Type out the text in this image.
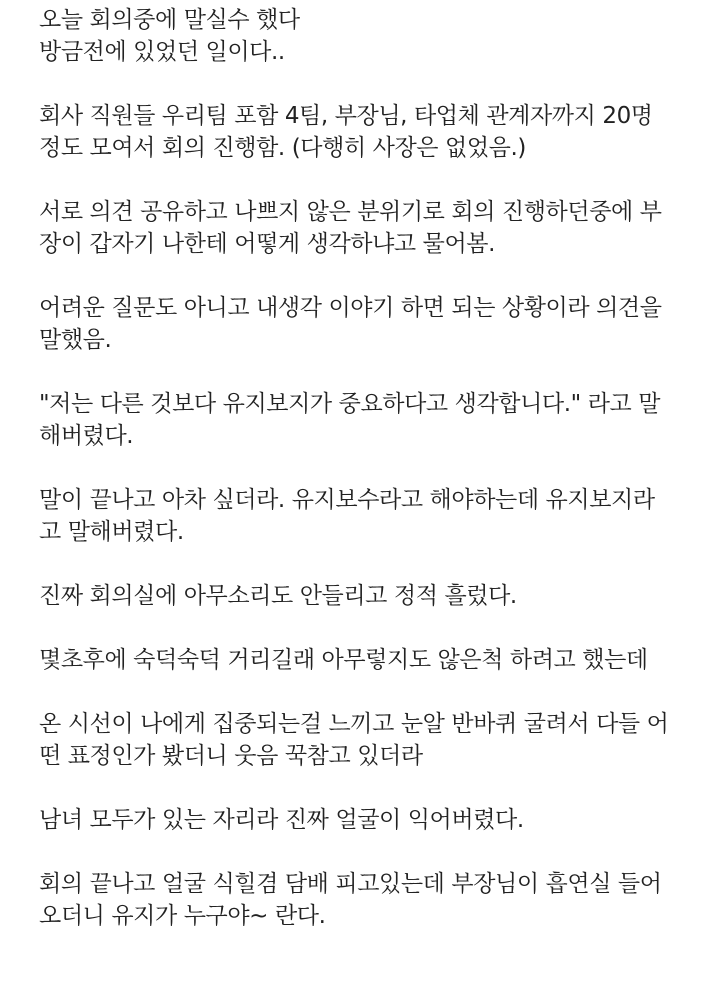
오늘 회의중에 말실수 했다
방금전에 있었던 일이다..
회사 직원들 우리팀 포함 4팀, 부장님, 타업체 관계자까지 20명
정도 모여서 회의 진행함. (다행히 사장은 없었음.)
서로 의견 공유하고 나쁘지 않은 분위기로 회의 진행하던중에 부
장이 갑자기 나한테 어떻게 생각하냐고 물어봄.
어려운 질문도 아니고 내생각 이야기 하면 되는 상황이라 의견을
말했음.
"저는 다른 것보다 유지보지가 중요하다고 생각합니다." 라고 말
해버렸다.
말이 끝나고 아차 싶더라. 유지보수라고 해야하는데 유지보지라
고 말해버렸다.
진짜 회의실에 아무소리도 안들리고 정적 흘렀다.
몇초후에 숙덕숙덕 거리길래 아무렇지도 않은척 하려고 했는데
온 시선이 나에게 집중되는걸 느끼고 눈알 반바퀴 굴려서 다들 어
떤 표정인가 봤더니 웃음 꾹참고 있더라
남녀 모두가 있는 자리라 진짜 얼굴이 익어버렸다.
회의 끝나고 얼굴 식힐겸 담배 피고있는데 부장님이 흡연실 들어
오더니 유지가 누구야~ 란다.
